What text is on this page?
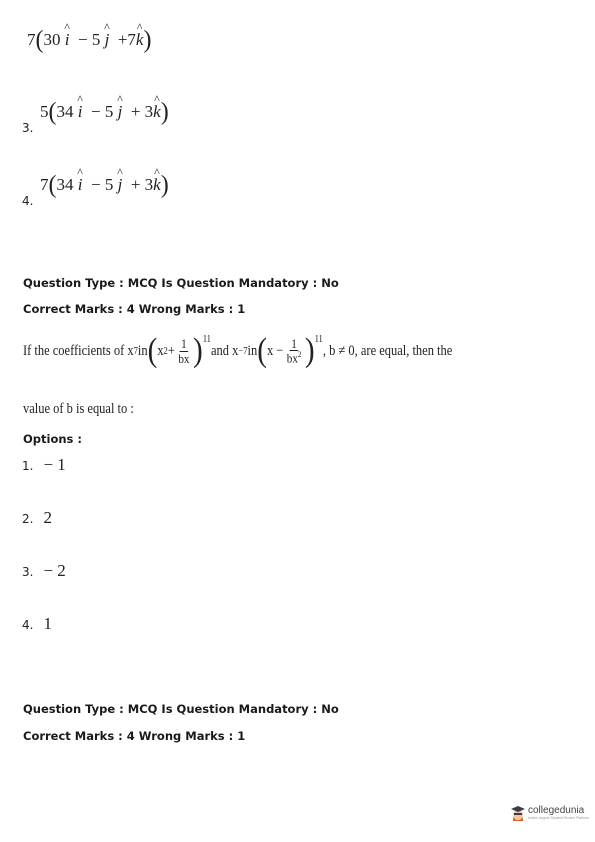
7 ( 30
^ i
−
5
^ j
+ 7 ^ k )
3.
5 ( 34
^ i
−
5
^ j
+
3 ^ k )
4.
7 ( 34
^ i
−
5
^ j
+
3 ^ k )
Question Type : MCQ Is Question Mandatory : No
Correct Marks : 4 Wrong Marks : 1
If the coefficients of x 7 in ( x $2 + \frac{1}{bx}$ ) 11
and x −7 in ( $x - \frac{1}{bx^2}$ ) 11
, b ≠ 0, are equal, then the
value of b is equal to :
Options :
1. − 1
2. 2
3. − 2
4. 1
Question Type : MCQ Is Question Mandatory : No
Correct Marks : 4 Wrong Marks : 1
collegedunia
India's largest Student Review Platform
